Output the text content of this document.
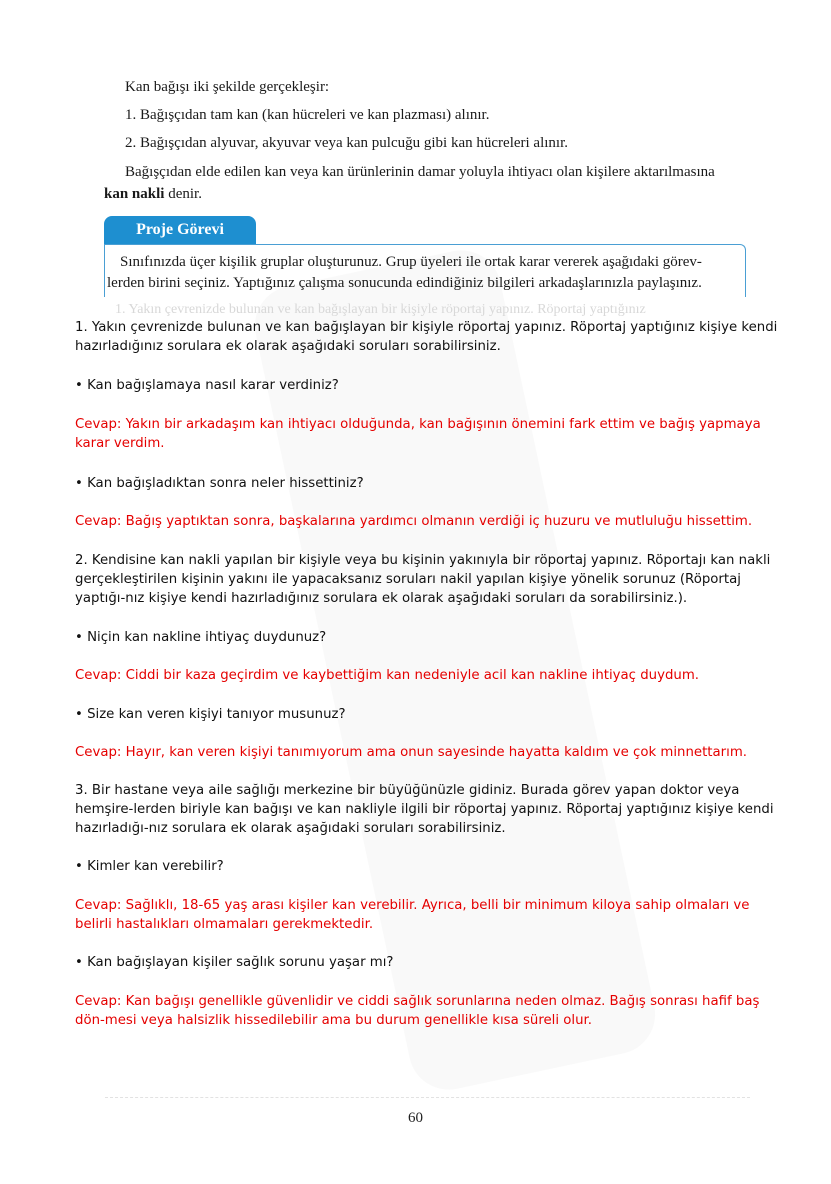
Kan bağışı iki şekilde gerçekleşir:
1. Bağışçıdan tam kan (kan hücreleri ve kan plazması) alınır.
2. Bağışçıdan alyuvar, akyuvar veya kan pulcuğu gibi kan hücreleri alınır.
Bağışçıdan elde edilen kan veya kan ürünlerinin damar yoluyla ihtiyacı olan kişilere aktarılmasına
kan nakli denir.
Proje Görevi
Sınıfınızda üçer kişilik gruplar oluşturunuz. Grup üyeleri ile ortak karar vererek aşağıdaki görev-
lerden birini seçiniz. Yaptığınız çalışma sonucunda edindiğiniz bilgileri arkadaşlarınızla paylaşınız.
1. Yakın çevrenizde bulunan ve kan bağışlayan bir kişiyle röportaj yapınız. Röportaj yaptığınız

1. Yakın çevrenizde bulunan ve kan bağışlayan bir kişiyle röportaj yapınız. Röportaj yaptığınız kişiye kendi hazırladığınız sorulara ek olarak aşağıdaki soruları sorabilirsiniz.

• Kan bağışlamaya nasıl karar verdiniz?

Cevap: Yakın bir arkadaşım kan ihtiyacı olduğunda, kan bağışının önemini fark ettim ve bağış yapmaya karar verdim.

• Kan bağışladıktan sonra neler hissettiniz?

Cevap: Bağış yaptıktan sonra, başkalarına yardımcı olmanın verdiği iç huzuru ve mutluluğu hissettim.

2. Kendisine kan nakli yapılan bir kişiyle veya bu kişinin yakınıyla bir röportaj yapınız. Röportajı kan nakli gerçekleştirilen kişinin yakını ile yapacaksanız soruları nakil yapılan kişiye yönelik sorunuz (Röportaj yaptığı-nız kişiye kendi hazırladığınız sorulara ek olarak aşağıdaki soruları da sorabilirsiniz.).

• Niçin kan nakline ihtiyaç duydunuz?

Cevap: Ciddi bir kaza geçirdim ve kaybettiğim kan nedeniyle acil kan nakline ihtiyaç duydum.

• Size kan veren kişiyi tanıyor musunuz?

Cevap: Hayır, kan veren kişiyi tanımıyorum ama onun sayesinde hayatta kaldım ve çok minnettarım.

3. Bir hastane veya aile sağlığı merkezine bir büyüğünüzle gidiniz. Burada görev yapan doktor veya hemşire-lerden biriyle kan bağışı ve kan nakliyle ilgili bir röportaj yapınız. Röportaj yaptığınız kişiye kendi hazırladığı-nız sorulara ek olarak aşağıdaki soruları sorabilirsiniz.

• Kimler kan verebilir?

Cevap: Sağlıklı, 18-65 yaş arası kişiler kan verebilir. Ayrıca, belli bir minimum kiloya sahip olmaları ve belirli hastalıkları olmamaları gerekmektedir.

• Kan bağışlayan kişiler sağlık sorunu yaşar mı?

Cevap: Kan bağışı genellikle güvenlidir ve ciddi sağlık sorunlarına neden olmaz. Bağış sonrası hafif baş dön-mesi veya halsizlik hissedilebilir ama bu durum genellikle kısa süreli olur.

60
